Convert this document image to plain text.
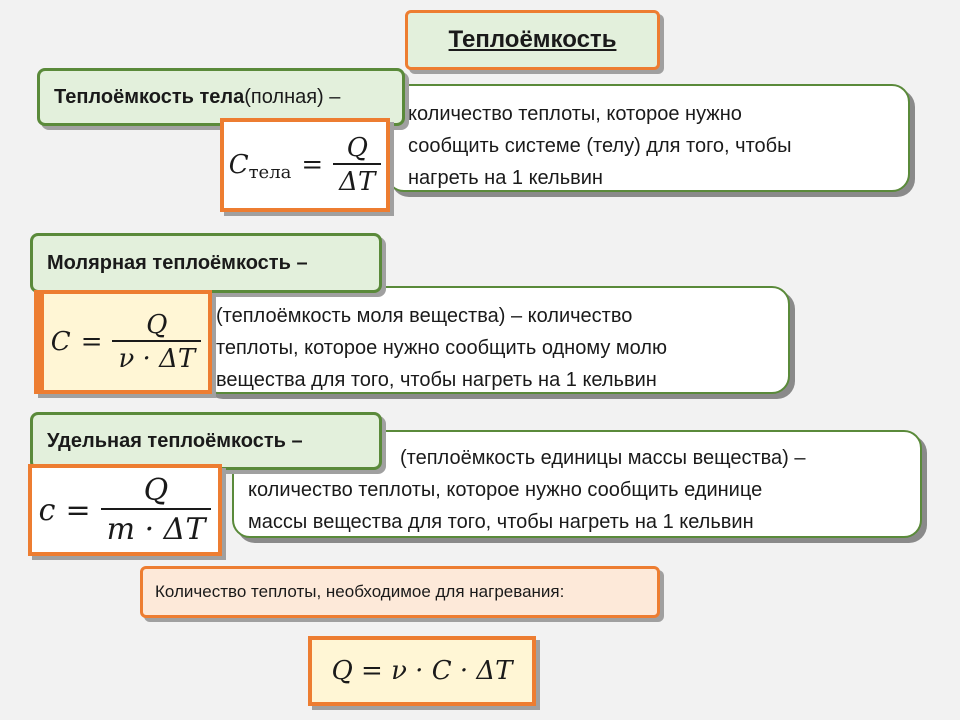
Теплоёмкость
количество теплоты, которое нужно
сообщить системе (телу) для того, чтобы
нагреть на 1 кельвин
Теплоёмкость тела (полная) –
C тела = $\frac{Q}{\Delta T}$
(теплоёмкость моля вещества) – количество
теплоты, которое нужно сообщить одному молю
вещества для того, чтобы нагреть на 1 кельвин
Молярная теплоёмкость –
$C = \frac{Q}{\nu \cdot \Delta T}$
(теплоёмкость единицы массы вещества) –
количество теплоты, которое нужно сообщить единице
массы вещества для того, чтобы нагреть на 1 кельвин
Удельная теплоёмкость –
$c = \frac{Q}{m \cdot \Delta T}$
Количество теплоты, необходимое для нагревания:
Q = ν · C · ΔT
